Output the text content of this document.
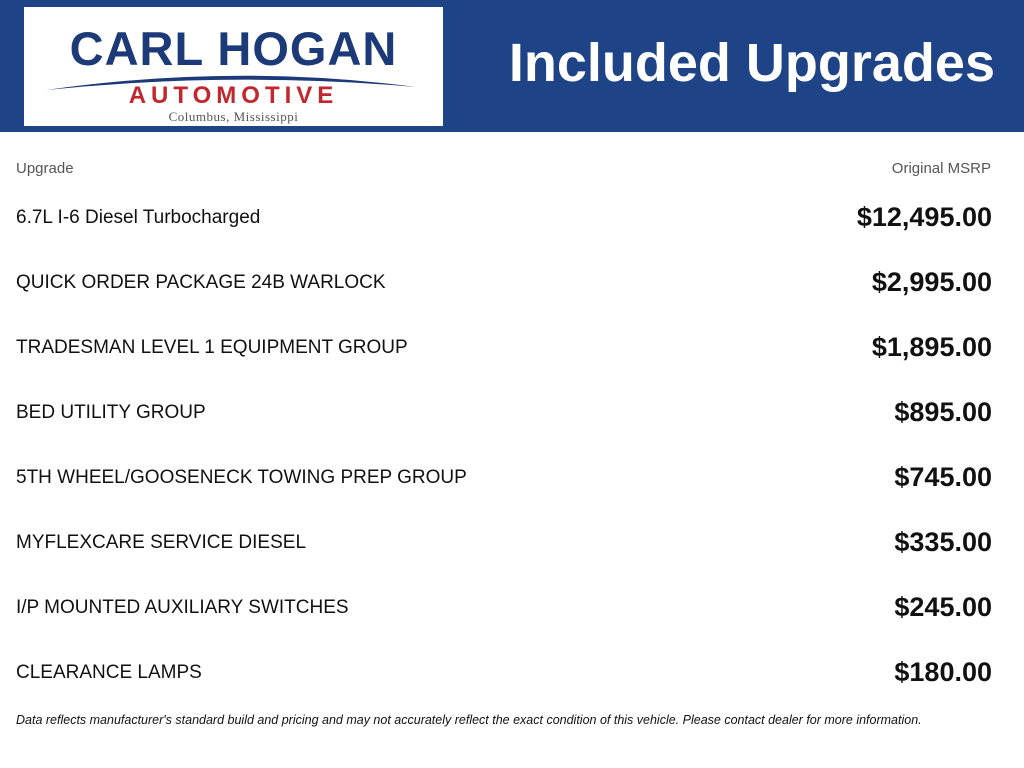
CARL HOGAN
AUTOMOTIVE
Columbus, Mississippi
Included Upgrades
Upgrade	Original MSRP
6.7L I-6 Diesel Turbocharged	$12,495.00
QUICK ORDER PACKAGE 24B WARLOCK	$2,995.00
TRADESMAN LEVEL 1 EQUIPMENT GROUP	$1,895.00
BED UTILITY GROUP	$895.00
5TH WHEEL/GOOSENECK TOWING PREP GROUP	$745.00
MYFLEXCARE SERVICE DIESEL	$335.00
I/P MOUNTED AUXILIARY SWITCHES	$245.00
CLEARANCE LAMPS	$180.00
Data reflects manufacturer's standard build and pricing and may not accurately reflect the exact condition of this vehicle. Please contact dealer for more information.
